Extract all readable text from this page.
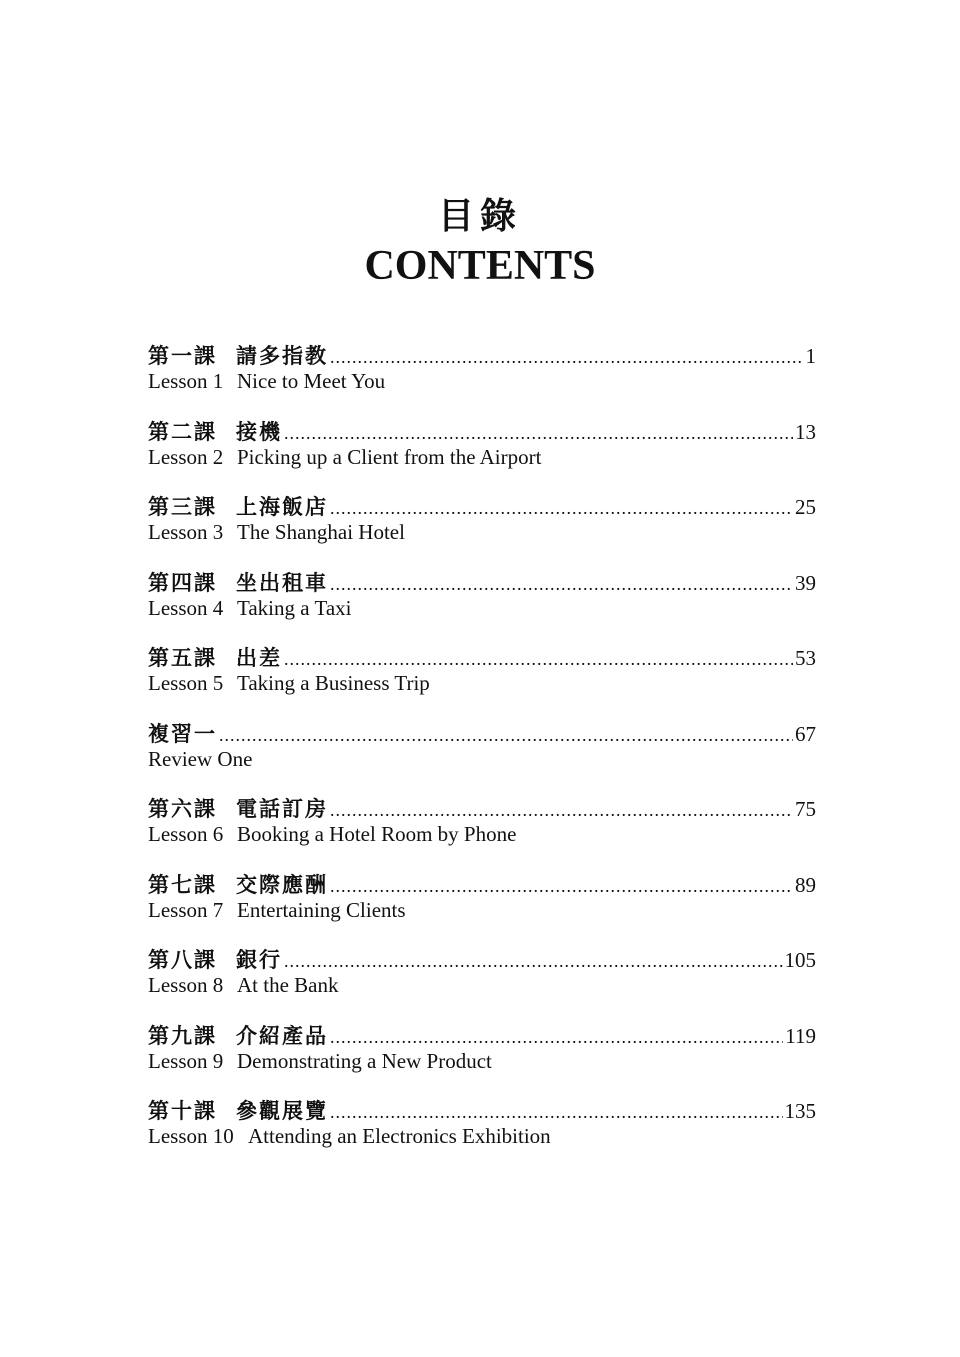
目錄
CONTENTS
第一課 請多指教 .....	1
Lesson 1 Nice to Meet You
第二課 接機 .....	13
Lesson 2 Picking up a Client from the Airport
第三課 上海飯店 .....	25
Lesson 3 The Shanghai Hotel
第四課 坐出租車 .....	39
Lesson 4 Taking a Taxi
第五課 出差 .....	53
Lesson 5 Taking a Business Trip
複習一 .....	67
Review One
第六課 電話訂房 .....	75
Lesson 6 Booking a Hotel Room by Phone
第七課 交際應酬 .....	89
Lesson 7 Entertaining Clients
第八課 銀行 .....	105
Lesson 8 At the Bank
第九課 介紹產品 .....	119
Lesson 9 Demonstrating a New Product
第十課 參觀展覽 .....	135
Lesson 10 Attending an Electronics Exhibition
